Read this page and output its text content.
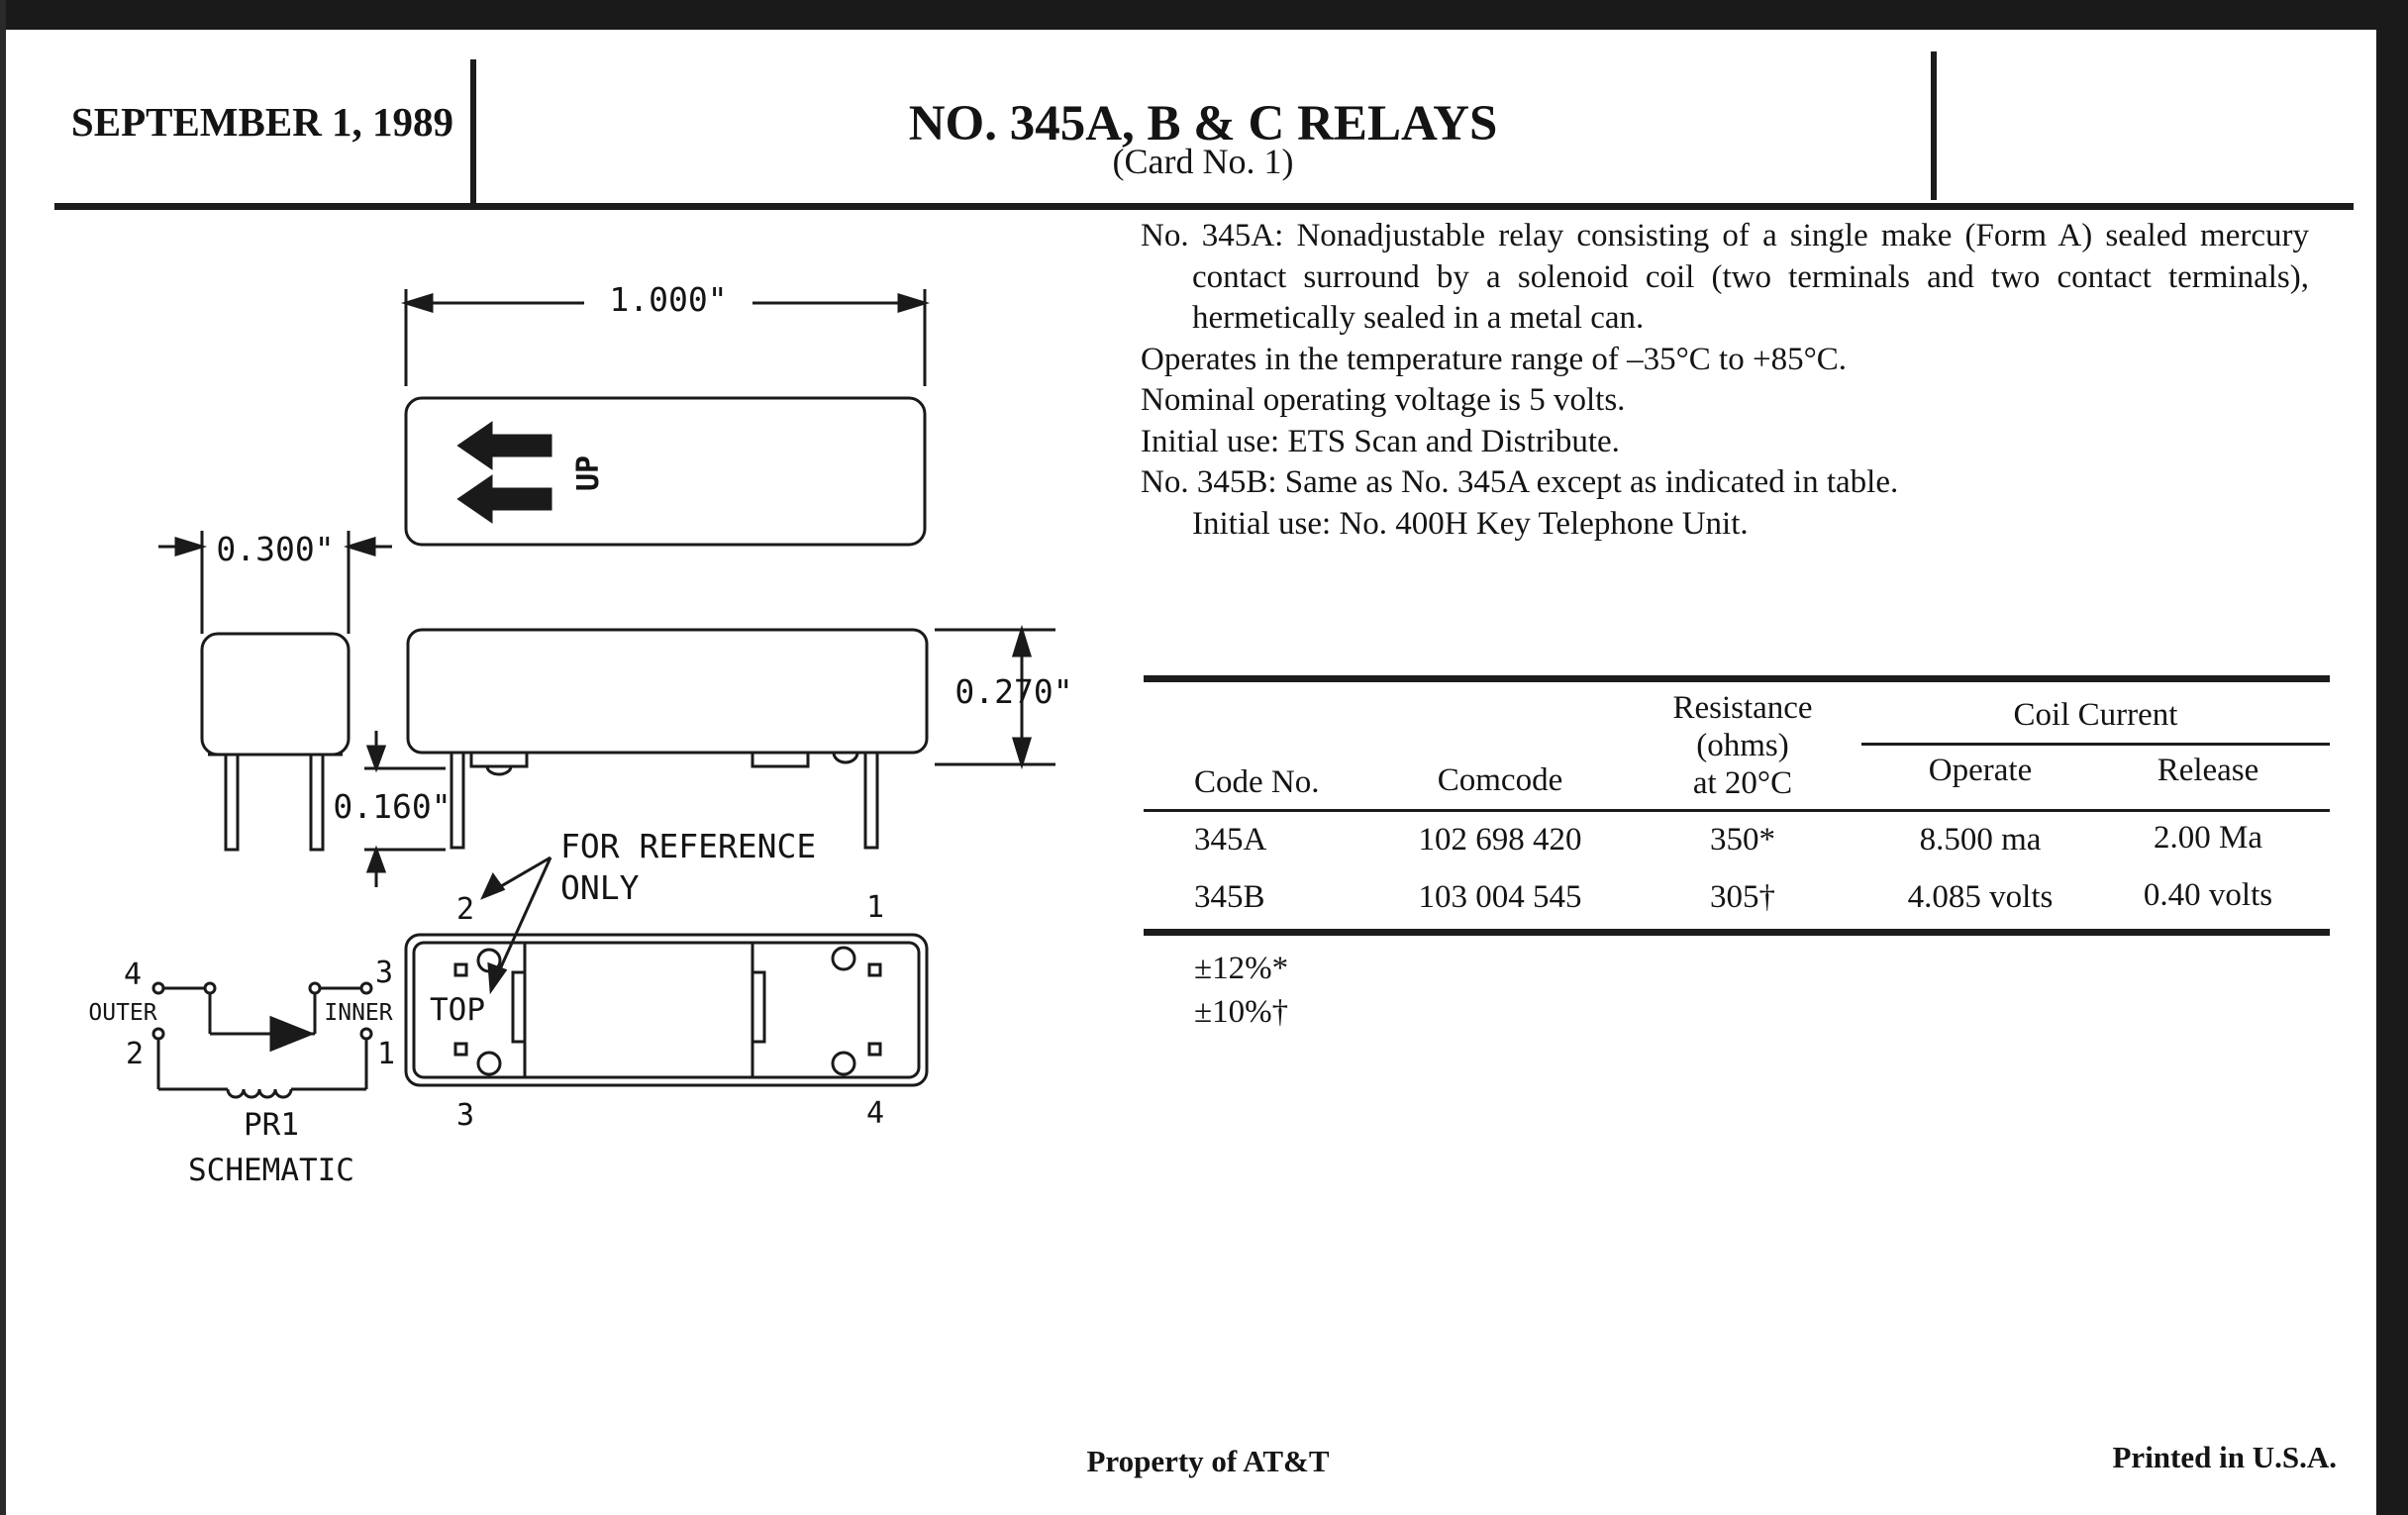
SEPTEMBER 1, 1989	NO. 345A, B & C RELAYS
(Card No. 1)
1.000"
0.300"
0.270"
0.160"
UP
FOR REFERENCE
ONLY
TOP
1
2
3	4
4	3
2	1
OUTER	INNER
PR1
SCHEMATIC

No. 345A: Nonadjustable relay consisting of a single make (Form A) sealed mercury contact surround by a solenoid coil (two terminals and two contact terminals), hermetically sealed in a metal can.

Operates in the temperature range of –35°C to +85°C.

Nominal operating voltage is 5 volts.

Initial use: ETS Scan and Distribute.

No. 345B: Same as No. 345A except as indicated in table.

Initial use: No. 400H Key Telephone Unit.

Code No.	Comcode
Resistance
(ohms)
at 20°C
Coil Current
Operate	Release
345A	102 698 420	350*	8.500 ma	2.00 Ma
345B	103 004 545	305†	4.085 volts	0.40 volts
±12%*
±10%†
Property of AT&T	Printed in U.S.A.
